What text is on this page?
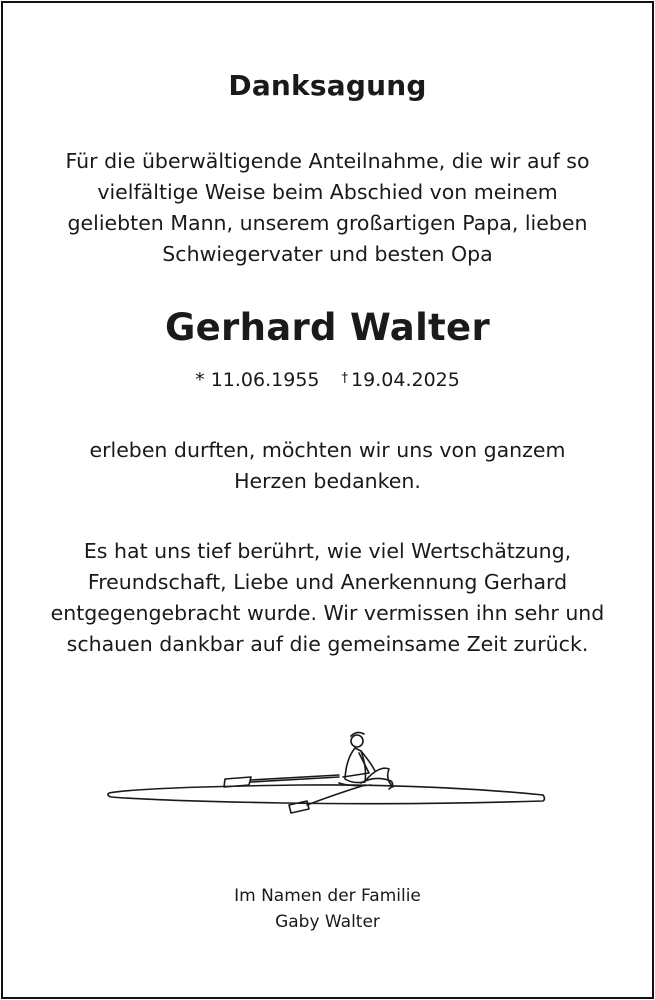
Danksagung
Für die überwältigende Anteilnahme, die wir auf so
vielfältige Weise beim Abschied von meinem
geliebten Mann, unserem großartigen Papa, lieben
Schwiegervater und besten Opa
Gerhard Walter
* 11.06.1955 † 19.04.2025
erleben durften, möchten wir uns von ganzem
Herzen bedanken.
Es hat uns tief berührt, wie viel Wertschätzung,
Freundschaft, Liebe und Anerkennung Gerhard
entgegengebracht wurde. Wir vermissen ihn sehr und
schauen dankbar auf die gemeinsame Zeit zurück.
Im Namen der Familie
Gaby Walter
